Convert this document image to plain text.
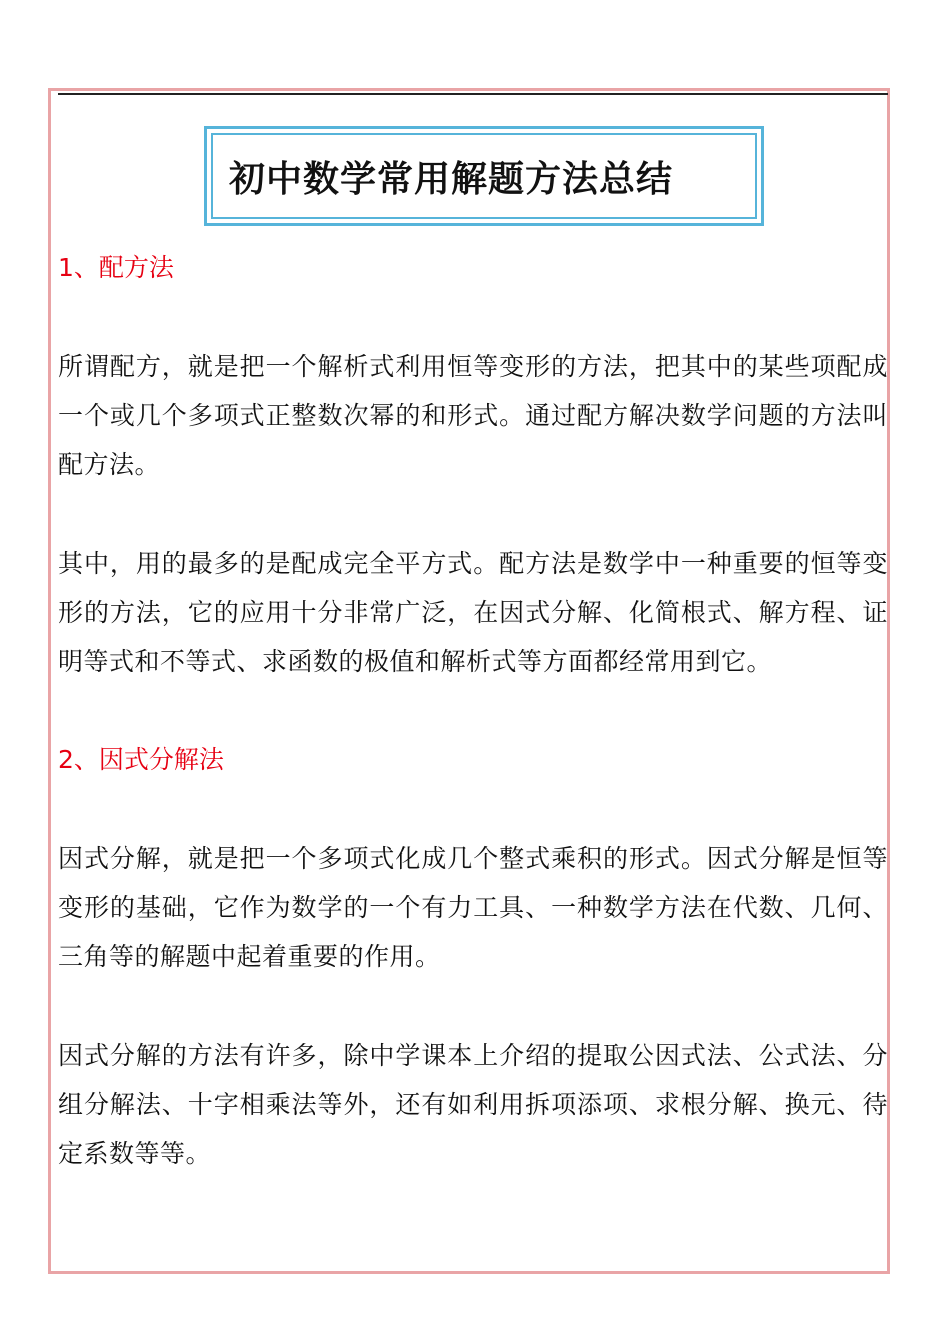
初中数学常用解题方法总结

1、配方法

所谓配方，就是把一个解析式利用恒等变形的方法，把其中的某些项配成一个或几个多项式正整数次幂的和形式。通过配方解决数学问题的方法叫配方法。

其中，用的最多的是配成完全平方式。配方法是数学中一种重要的恒等变形的方法，它的应用十分非常广泛，在因式分解、化简根式、解方程、证明等式和不等式、求函数的极值和解析式等方面都经常用到它。

2、因式分解法

因式分解，就是把一个多项式化成几个整式乘积的形式。因式分解是恒等变形的基础，它作为数学的一个有力工具、一种数学方法在代数、几何、三角等的解题中起着重要的作用。

因式分解的方法有许多，除中学课本上介绍的提取公因式法、公式法、分组分解法、十字相乘法等外，还有如利用拆项添项、求根分解、换元、待定系数等等。
